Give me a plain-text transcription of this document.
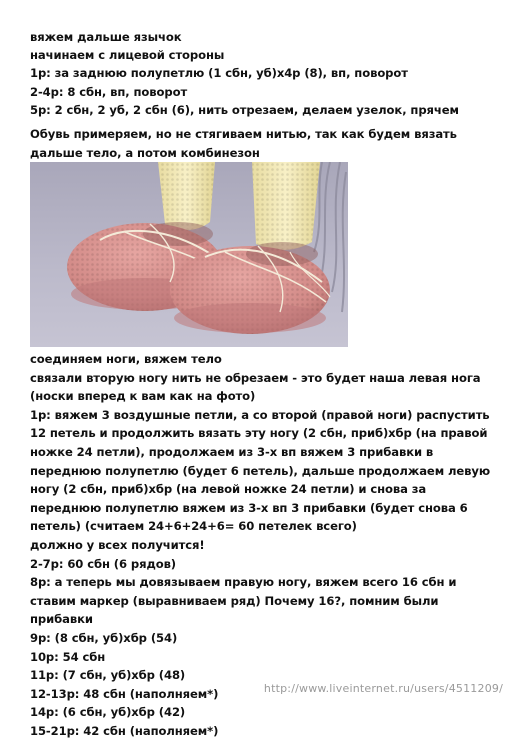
вяжем дальше язычок
начинаем с лицевой стороны
1р: за заднюю полупетлю (1 сбн, уб)х4р (8), вп, поворот
2-4р: 8 сбн, вп, поворот
5р: 2 сбн, 2 уб, 2 сбн (6), нить отрезаем, делаем узелок, прячем
Обувь примеряем, но не стягиваем нитью, так как будем вязать
дальше тело, а потом комбинезон
соединяем ноги, вяжем тело
связали вторую ногу нить не обрезаем - это будет наша левая нога
(носки вперед к вам как на фото)
1р: вяжем 3 воздушные петли, а со второй (правой ноги) распустить
12 петель и продолжить вязать эту ногу (2 сбн, приб)хбр (на правой
ножке 24 петли), продолжаем из 3-х вп вяжем 3 прибавки в
переднюю полупетлю (будет 6 петель), дальше продолжаем левую
ногу (2 сбн, приб)хбр (на левой ножке 24 петли) и снова за
переднюю полупетлю вяжем из 3-х вп 3 прибавки (будет снова 6
петель) (считаем 24+6+24+6= 60 петелек всего)
должно у всех получится!
2-7р: 60 сбн (6 рядов)
8р: а теперь мы довязываем правую ногу, вяжем всего 16 сбн и
ставим маркер (выравниваем ряд) Почему 16?, помним были
прибавки
9р: (8 сбн, уб)хбр (54)
10р: 54 сбн
11р: (7 сбн, уб)хбр (48)
12-13р: 48 сбн (наполняем*)
14р: (6 сбн, уб)хбр (42)
15-21р: 42 сбн (наполняем*)
http://www.liveinternet.ru/users/4511209/
